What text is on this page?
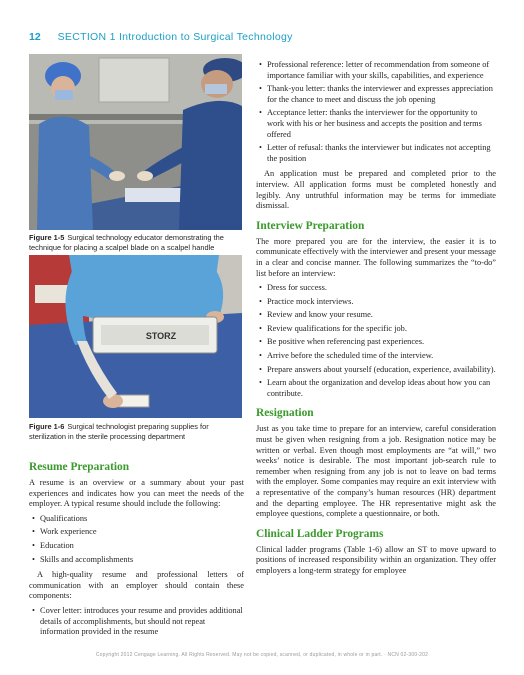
12 SECTION 1 Introduction to Surgical Technology
Figure 1-5 Surgical technology educator demonstrating the technique for placing a scalpel blade on a scalpel handle
STORZ
Figure 1-6 Surgical technologist preparing supplies for sterilization in the sterile processing department
Resume Preparation

A resume is an overview or a summary about your past experiences and indicates how you can meet the needs of the employer. A typical resume should include the following:

• Qualifications
• Work experience
• Education
• Skills and accomplishments

A high-quality resume and professional letters of communication with an employer should contain these components:

• Cover letter: introduces your resume and provides additional details of accomplishments, but should not repeat information provided in the resume
• Professional reference: letter of recommendation from someone of importance familiar with your skills, capabilities, and experience
• Thank-you letter: thanks the interviewer and expresses appreciation for the chance to meet and discuss the job opening
• Acceptance letter: thanks the interviewer for the opportunity to work with his or her business and accepts the position and terms offered
• Letter of refusal: thanks the interviewer but indicates not accepting the position

An application must be prepared and completed prior to the interview. All application forms must be completed honestly and legibly. Any untruthful information may be terms for immediate dismissal.

Interview Preparation

The more prepared you are for the interview, the easier it is to communicate effectively with the interviewer and present your message in a clear and concise manner. The following summarizes the “to-do” list before an interview:

• Dress for success.
• Practice mock interviews.
• Review and know your resume.
• Review qualifications for the specific job.
• Be positive when referencing past experiences.
• Arrive before the scheduled time of the interview.
• Prepare answers about yourself (education, experience, availability).
• Learn about the organization and develop ideas about how you can contribute.
Resignation

Just as you take time to prepare for an interview, careful consideration must be given when resigning from a job. Resignation notice may be written or verbal. Even though most employments are “at will,” two weeks’ notice is desirable. The most important job-search rule to remember when resigning from any job is not to leave on bad terms with the employer. Some companies may require an exit interview with a representative of the company’s human resources (HR) department and the departing employee. The HR representative might ask the employee questions, complete a questionnaire, or both.

Clinical Ladder Programs

Clinical ladder programs (Table 1-6) allow an ST to move upward to positions of increased responsibility within an organization. They offer employers a long-term strategy for employee

Copyright 2012 Cengage Learning. All Rights Reserved. May not be copied, scanned, or duplicated, in whole or in part. · NCN 02-300-202
